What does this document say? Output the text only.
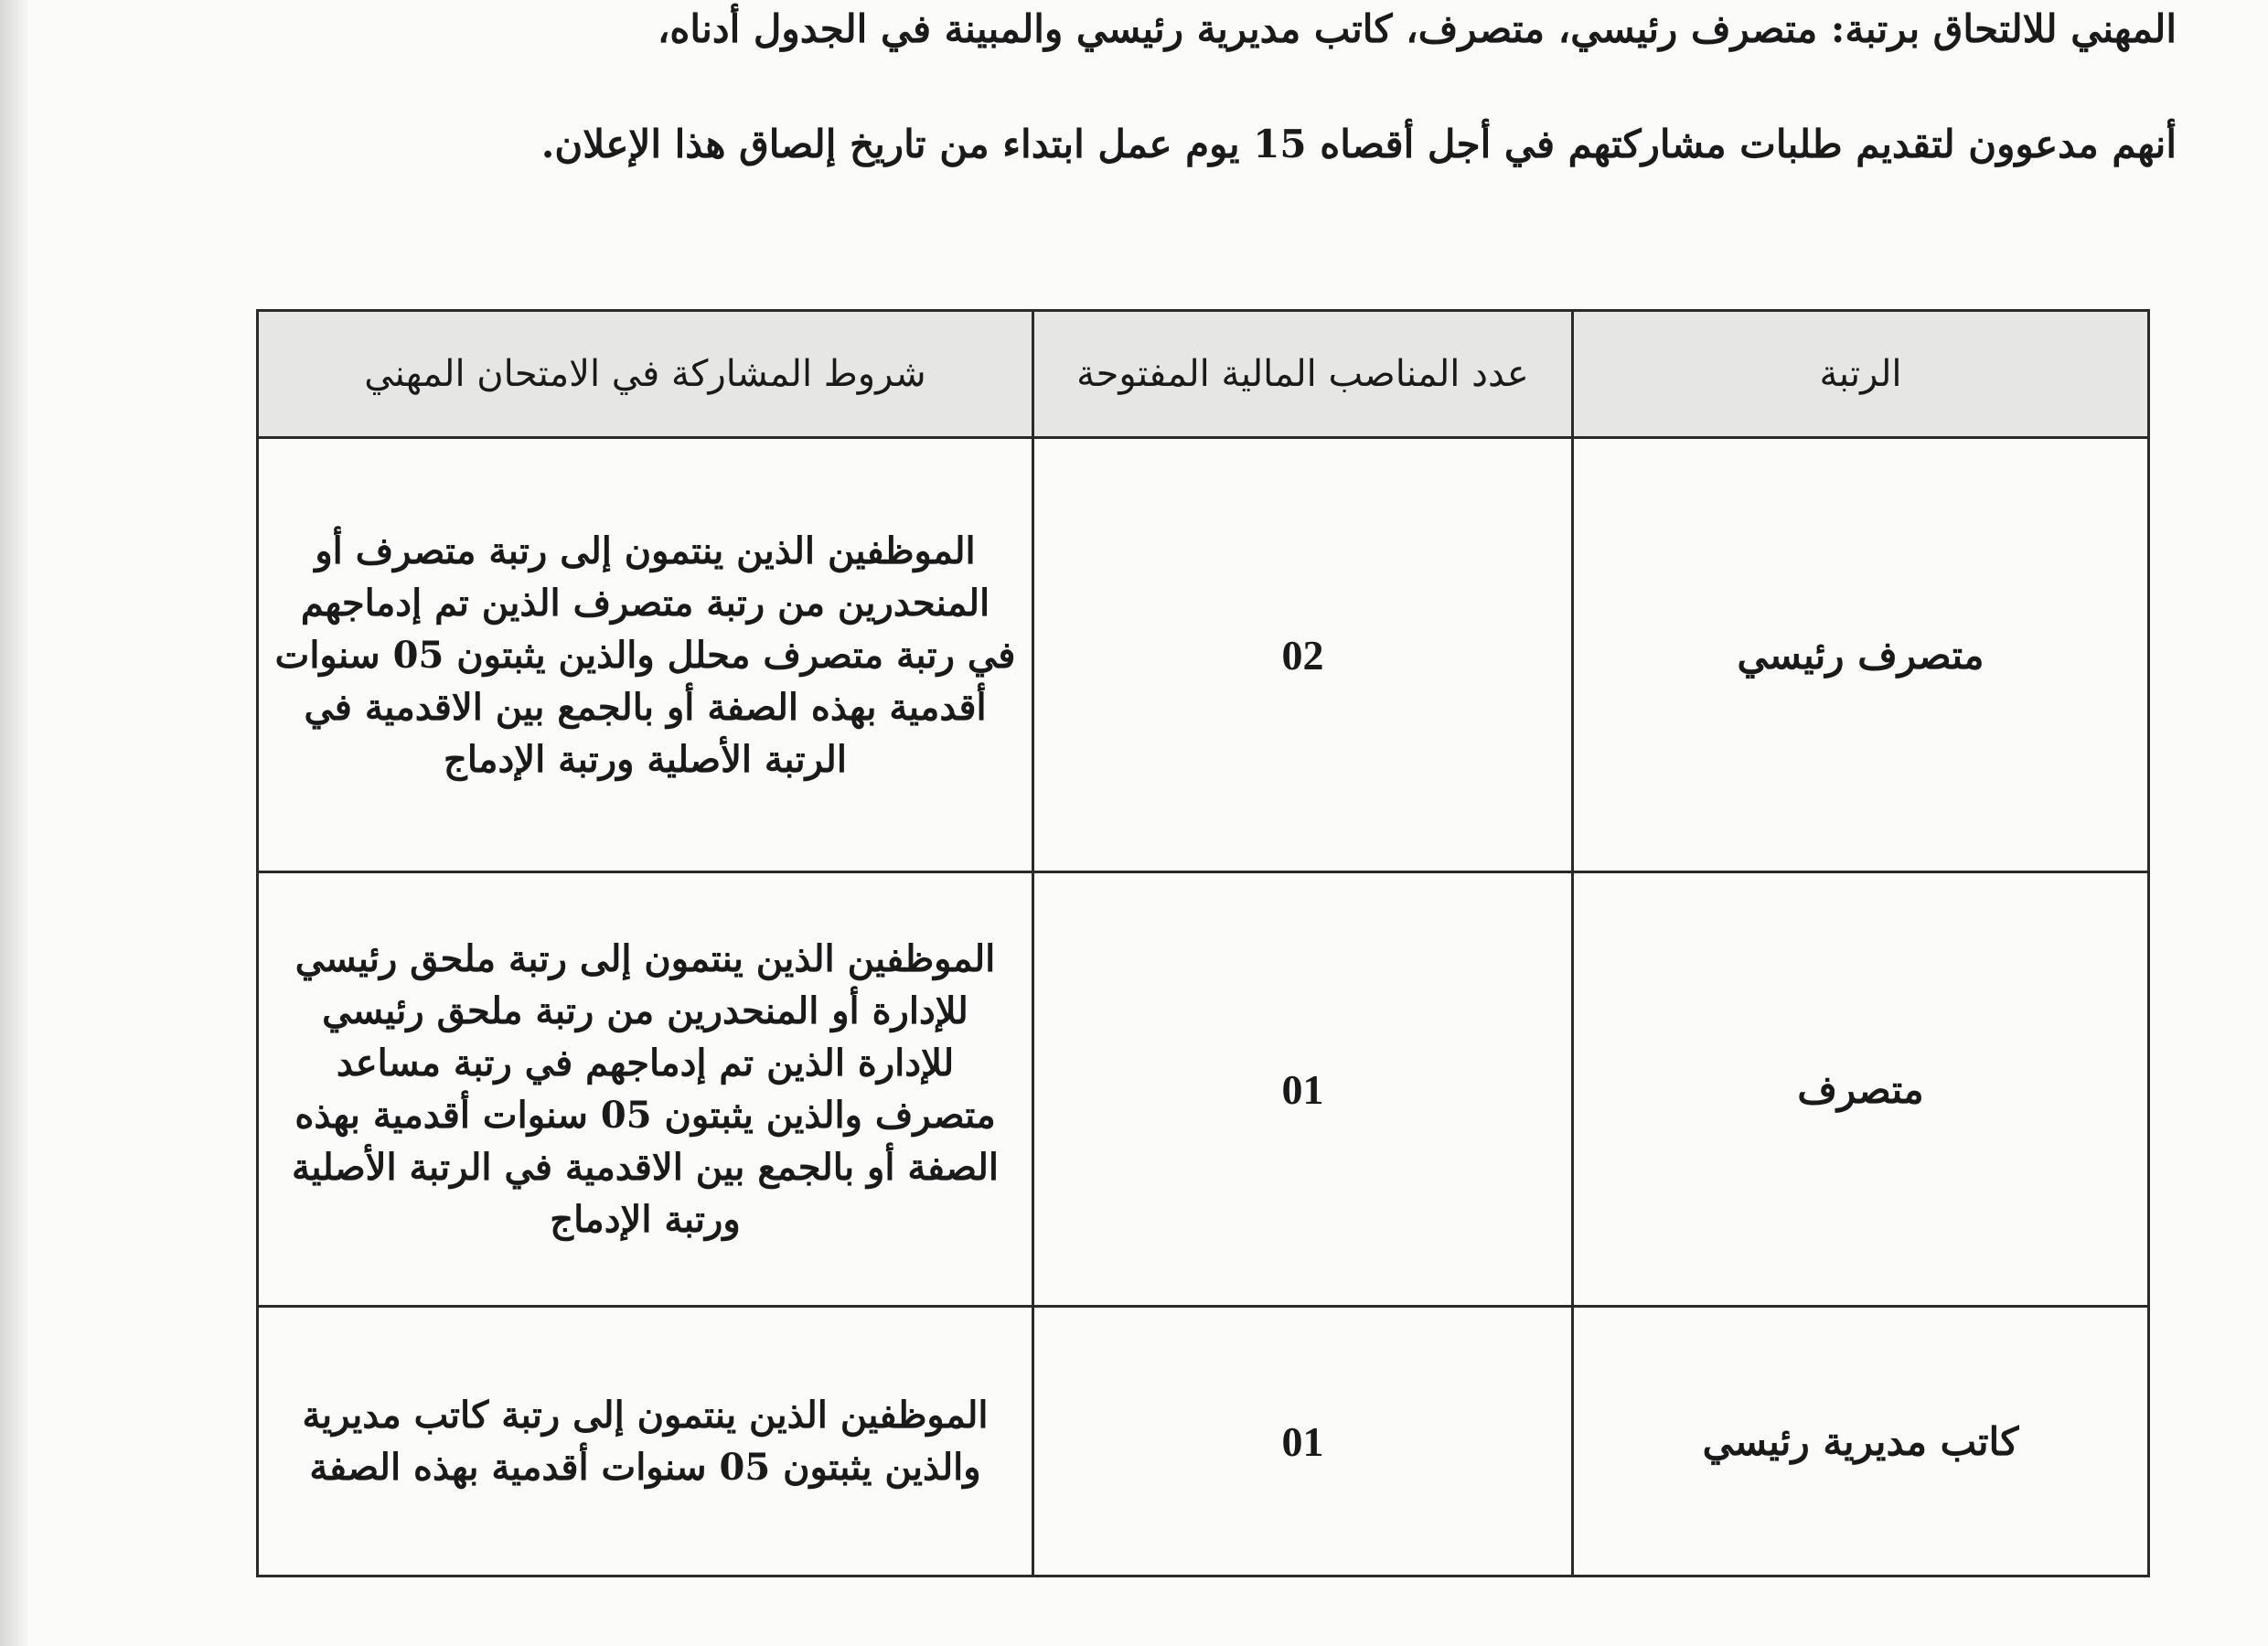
المهني للالتحاق برتبة: متصرف رئيسي، متصرف، كاتب مديرية رئيسي والمبينة في الجدول أدناه،
أنهم مدعوون لتقديم طلبات مشاركتهم في أجل أقصاه 15 يوم عمل ابتداء من تاريخ إلصاق هذا الإعلان.
الرتبة	عدد المناصب المالية المفتوحة	شروط المشاركة في الامتحان المهني
متصرف رئيسي	02	الموظفين الذين ينتمون إلى رتبة متصرف أو المنحدرين من رتبة متصرف الذين تم إدماجهم في رتبة متصرف محلل والذين يثبتون 05 سنوات أقدمية بهذه الصفة أو بالجمع بين الاقدمية في الرتبة الأصلية ورتبة الإدماج
متصرف	01	الموظفين الذين ينتمون إلى رتبة ملحق رئيسي للإدارة أو المنحدرين من رتبة ملحق رئيسي للإدارة الذين تم إدماجهم في رتبة مساعد متصرف والذين يثبتون 05 سنوات أقدمية بهذه الصفة أو بالجمع بين الاقدمية في الرتبة الأصلية ورتبة الإدماج
كاتب مديرية رئيسي	01	الموظفين الذين ينتمون إلى رتبة كاتب مديرية والذين يثبتون 05 سنوات أقدمية بهذه الصفة
